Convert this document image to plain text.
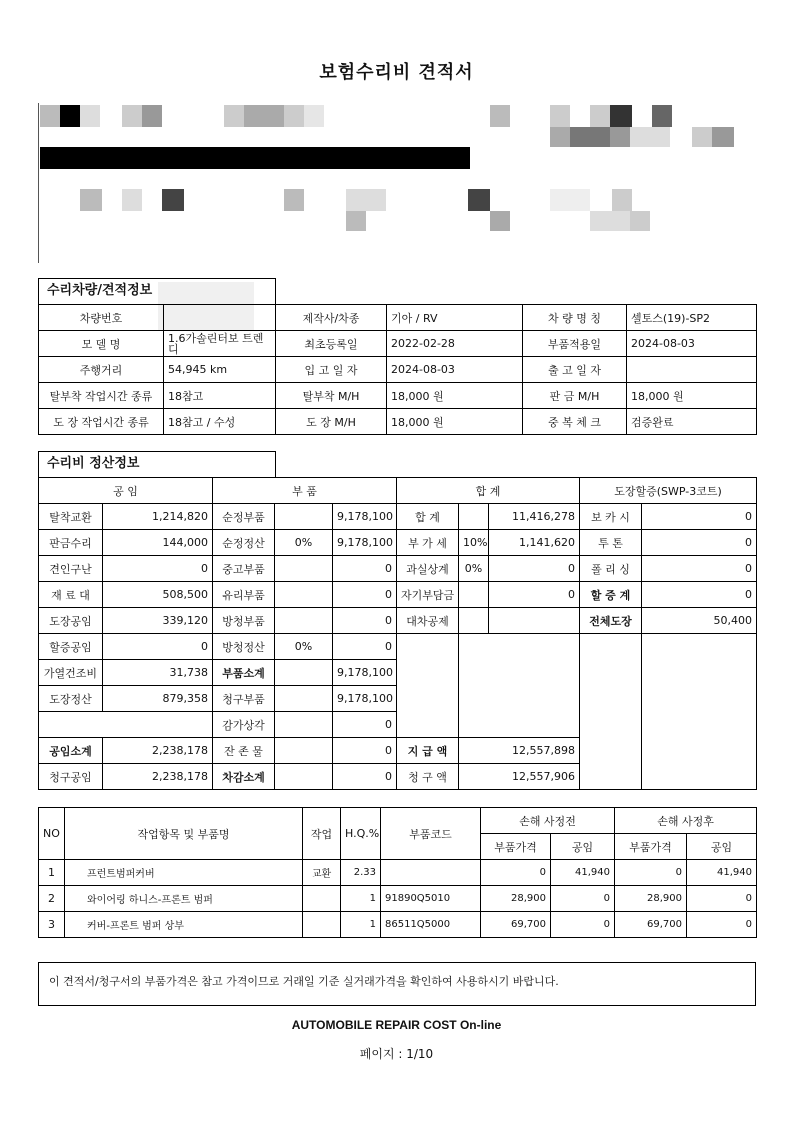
보험수리비 견적서
수리차량/견적정보
차량번호		제작사/차종	기아 / RV	차 량 명 칭	셀토스(19)-SP2
모 델 명	1.6가솔린터보 트렌디	최초등록일	2022-02-28	부품적용일	2024-08-03
주행거리	54,945 km	입 고 일 자	2024-08-03	출 고 일 자	
탈부착 작업시간 종류	18참고	탈부착 M/H	18,000 원	판 금 M/H	18,000 원
도 장 작업시간 종류	18참고 / 수성	도 장 M/H	18,000 원	중 복 체 크	검증완료
수리비 정산정보
공 임		부 품			합 계			도장할증(SWP-3코트)	
탈착교환	1,214,820	순정부품		9,178,100	합 계		11,416,278	보 카 시	0
판금수리	144,000	순정정산	0%	9,178,100	부 가 세	10%	1,141,620	투 톤	0
견인구난	0	중고부품		0	과실상계	0%	0	폴 리 싱	0
재 료 대	508,500	유리부품		0	자기부담금		0	할 증 계	0
도장공임	339,120	방청부품		0	대차공제			전체도장	50,400
할증공임	0	방청정산	0%	0					
가열건조비	31,738	부품소계		9,178,100					
도장정산	879,358	청구부품		9,178,100					
		감가상각		0					
공임소계	2,238,178	잔 존 물		0	지 급 액	12,557,898			
청구공임	2,238,178	차감소계		0	청 구 액	12,557,906			
NO	작업항목 및 부품명	작업	H.Q.%	부품코드	손해 사정전		손해 사정후	
					부품가격	공임	부품가격	공임
1	프런트범퍼커버	교환	2.33		0	41,940	0	41,940
2	와이어링 하니스-프론트 범퍼		1	91890Q5010	28,900	0	28,900	0
3	커버-프론트 범퍼 상부		1	86511Q5000	69,700	0	69,700	0
이 견적서/청구서의 부품가격은 참고 가격이므로 거래일 기준 실거래가격을 확인하여 사용하시기 바랍니다.
AUTOMOBILE REPAIR COST On-line
페이지 : 1/10
